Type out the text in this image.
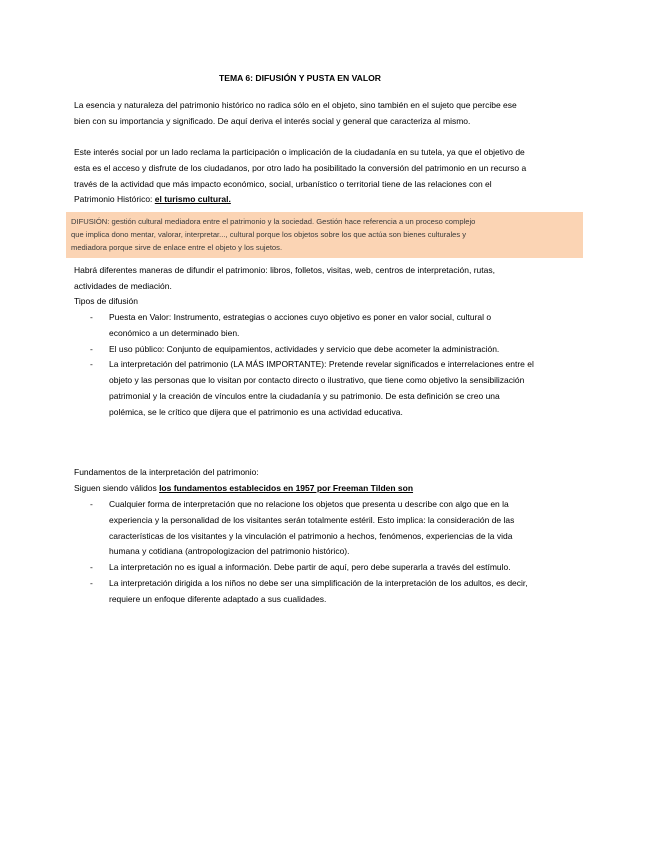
TEMA 6: DIFUSIÓN Y PUSTA EN VALOR
La esencia y naturaleza del patrimonio histórico no radica sólo en el objeto, sino también en el sujeto que percibe ese bien con su importancia y significado. De aquí deriva el interés social y general que caracteriza al mismo.
Este interés social por un lado reclama la participación o implicación de la ciudadanía en su tutela, ya que el objetivo de esta es el acceso y disfrute de los ciudadanos, por otro lado ha posibilitado la conversión del patrimonio en un recurso a través de la actividad que más impacto económico, social, urbanístico o territorial tiene de las relaciones con el Patrimonio Histórico: el turismo cultural.
DIFUSIÓN: gestión cultural mediadora entre el patrimonio y la sociedad. Gestión hace referencia a un proceso complejo
que implica dono mentar, valorar, interpretar..., cultural porque los objetos sobre los que actúa son bienes culturales y
mediadora porque sirve de enlace entre el objeto y los sujetos.
Habrá diferentes maneras de difundir el patrimonio: libros, folletos, visitas, web, centros de interpretación, rutas, actividades de mediación.
Tipos de difusión
- Puesta en Valor: Instrumento, estrategias o acciones cuyo objetivo es poner en valor social, cultural o económico a un determinado bien.
- El uso público: Conjunto de equipamientos, actividades y servicio que debe acometer la administración.
- La interpretación del patrimonio (LA MÁS IMPORTANTE): Pretende revelar significados e interrelaciones entre el objeto y las personas que lo visitan por contacto directo o ilustrativo, que tiene como objetivo la sensibilización patrimonial y la creación de vínculos entre la ciudadanía y su patrimonio. De esta definición se creo una polémica, se le crítico que dijera que el patrimonio es una actividad educativa.
Fundamentos de la interpretación del patrimonio:
Siguen siendo válidos los fundamentos establecidos en 1957 por Freeman Tilden son
- Cualquier forma de interpretación que no relacione los objetos que presenta u describe con algo que en la experiencia y la personalidad de los visitantes serán totalmente estéril. Esto implica: la consideración de las características de los visitantes y la vinculación el patrimonio a hechos, fenómenos, experiencias de la vida humana y cotidiana (antropologizacion del patrimonio histórico).
- La interpretación no es igual a información. Debe partir de aquí, pero debe superarla a través del estímulo.
- La interpretación dirigida a los niños no debe ser una simplificación de la interpretación de los adultos, es decir, requiere un enfoque diferente adaptado a sus cualidades.
